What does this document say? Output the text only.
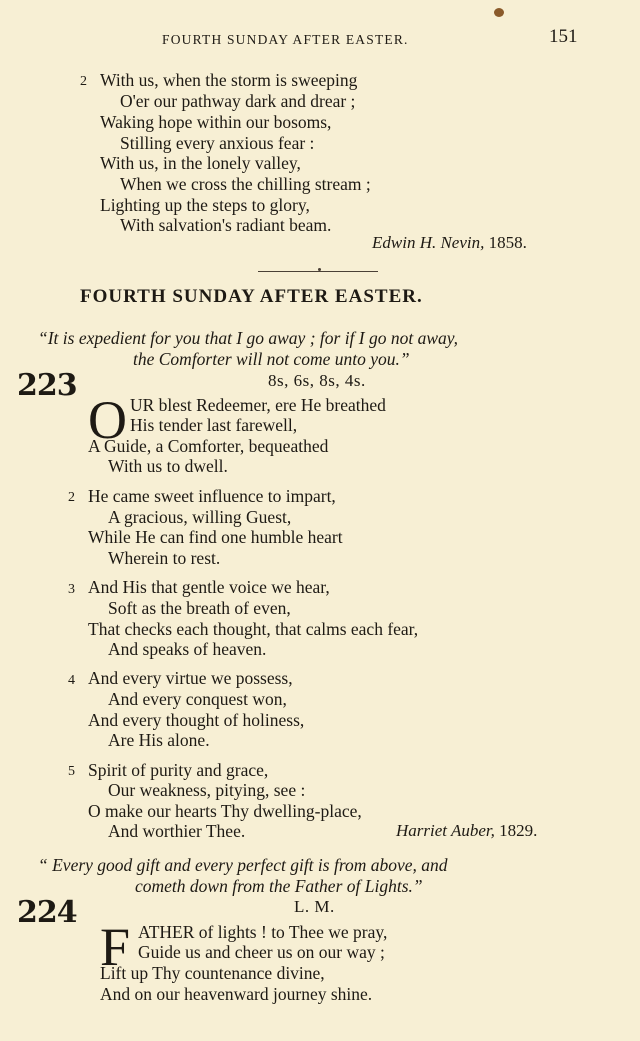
FOURTH SUNDAY AFTER EASTER.	151
2 With us, when the storm is sweeping
O'er our pathway dark and drear ;
Waking hope within our bosoms,
Stilling every anxious fear :
With us, in the lonely valley,
When we cross the chilling stream ;
Lighting up the steps to glory,
With salvation's radiant beam.
Edwin H. Nevin, 1858.
FOURTH SUNDAY AFTER EASTER.
“It is expedient for you that I go away ; for if I go not away,
the Comforter will not come unto you.”
223	8s, 6s, 8s, 4s.
O UR blest Redeemer, ere He breathed
His tender last farewell,
A Guide, a Comforter, bequeathed
With us to dwell.
2 He came sweet influence to impart,
A gracious, willing Guest,
While He can find one humble heart
Wherein to rest.
3 And His that gentle voice we hear,
Soft as the breath of even,
That checks each thought, that calms each fear,
And speaks of heaven.
4 And every virtue we possess,
And every conquest won,
And every thought of holiness,
Are His alone.
5 Spirit of purity and grace,
Our weakness, pitying, see :
O make our hearts Thy dwelling-place,
And worthier Thee.	Harriet Auber, 1829.
“ Every good gift and every perfect gift is from above, and
cometh down from the Father of Lights.”
224	L. M.
F ATHER of lights ! to Thee we pray,
Guide us and cheer us on our way ;
Lift up Thy countenance divine,
And on our heavenward journey shine.
